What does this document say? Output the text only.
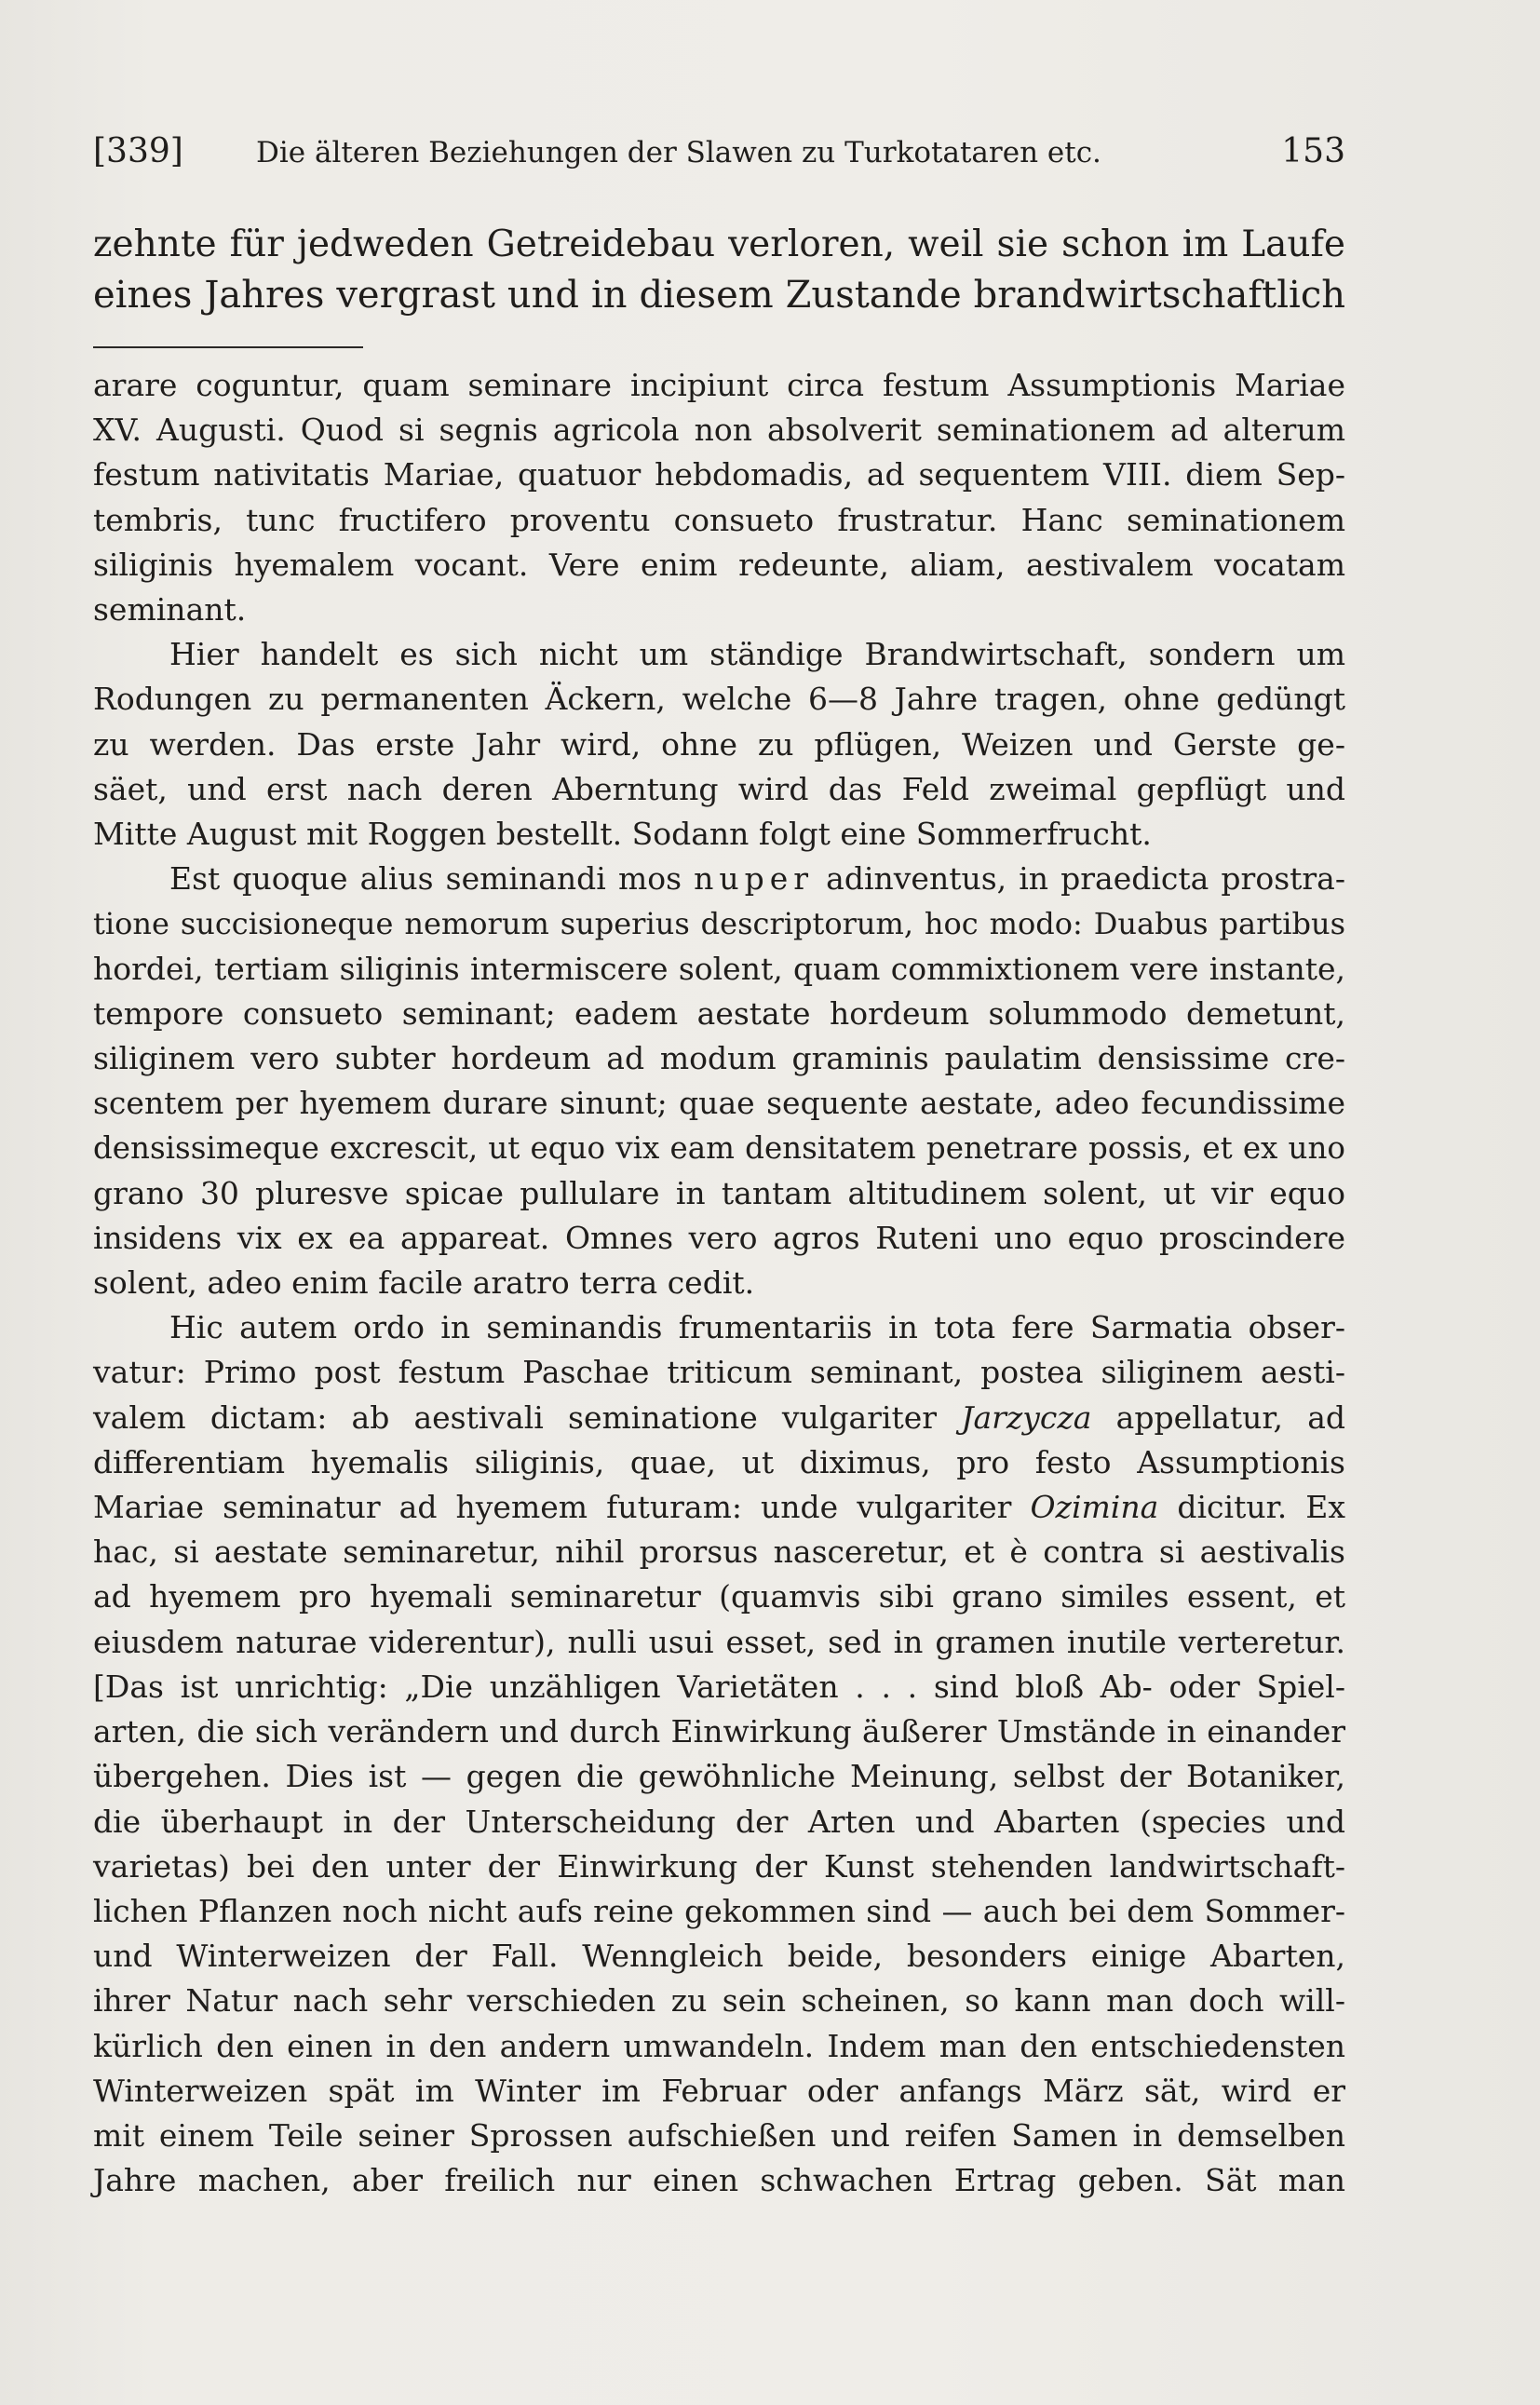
[339]	Die älteren Beziehungen der Slawen zu Turkotataren etc.	153
zehnte für jedweden Getreidebau verloren, weil sie schon im Laufe
eines Jahres vergrast und in diesem Zustande brandwirtschaftlich
arare coguntur, quam seminare incipiunt circa festum Assumptionis Mariae
XV. Augusti. Quod si segnis agricola non absolverit seminationem ad alterum
festum nativitatis Mariae, quatuor hebdomadis, ad sequentem VIII. diem Sep-
tembris, tunc fructifero proventu consueto frustratur. Hanc seminationem
siliginis hyemalem vocant. Vere enim redeunte, aliam, aestivalem vocatam
seminant.
Hier handelt es sich nicht um ständige Brandwirtschaft, sondern um
Rodungen zu permanenten Äckern, welche 6—8 Jahre tragen, ohne gedüngt
zu werden. Das erste Jahr wird, ohne zu pflügen, Weizen und Gerste ge-
säet, und erst nach deren Aberntung wird das Feld zweimal gepflügt und
Mitte August mit Roggen bestellt. Sodann folgt eine Sommerfrucht.
Est quoque alius seminandi mos nuper adinventus, in praedicta prostra-
tione succisioneque nemorum superius descriptorum, hoc modo: Duabus partibus
hordei, tertiam siliginis intermiscere solent, quam commixtionem vere instante,
tempore consueto seminant; eadem aestate hordeum solummodo demetunt,
siliginem vero subter hordeum ad modum graminis paulatim densissime cre-
scentem per hyemem durare sinunt; quae sequente aestate, adeo fecundissime
densissimeque excrescit, ut equo vix eam densitatem penetrare possis, et ex uno
grano 30 pluresve spicae pullulare in tantam altitudinem solent, ut vir equo
insidens vix ex ea appareat. Omnes vero agros Ruteni uno equo proscindere
solent, adeo enim facile aratro terra cedit.
Hic autem ordo in seminandis frumentariis in tota fere Sarmatia obser-
vatur: Primo post festum Paschae triticum seminant, postea siliginem aesti-
valem dictam: ab aestivali seminatione vulgariter Jarzycza appellatur, ad
differentiam hyemalis siliginis, quae, ut diximus, pro festo Assumptionis
Mariae seminatur ad hyemem futuram: unde vulgariter Ozimina dicitur. Ex
hac, si aestate seminaretur, nihil prorsus nasceretur, et è contra si aestivalis
ad hyemem pro hyemali seminaretur (quamvis sibi grano similes essent, et
eiusdem naturae viderentur), nulli usui esset, sed in gramen inutile verteretur.
[Das ist unrichtig: „Die unzähligen Varietäten . . . sind bloß Ab- oder Spiel-
arten, die sich verändern und durch Einwirkung äußerer Umstände in einander
übergehen. Dies ist — gegen die gewöhnliche Meinung, selbst der Botaniker,
die überhaupt in der Unterscheidung der Arten und Abarten (species und
varietas) bei den unter der Einwirkung der Kunst stehenden landwirtschaft-
lichen Pflanzen noch nicht aufs reine gekommen sind — auch bei dem Sommer-
und Winterweizen der Fall. Wenngleich beide, besonders einige Abarten,
ihrer Natur nach sehr verschieden zu sein scheinen, so kann man doch will-
kürlich den einen in den andern umwandeln. Indem man den entschiedensten
Winterweizen spät im Winter im Februar oder anfangs März sät, wird er
mit einem Teile seiner Sprossen aufschießen und reifen Samen in demselben
Jahre machen, aber freilich nur einen schwachen Ertrag geben. Sät man
